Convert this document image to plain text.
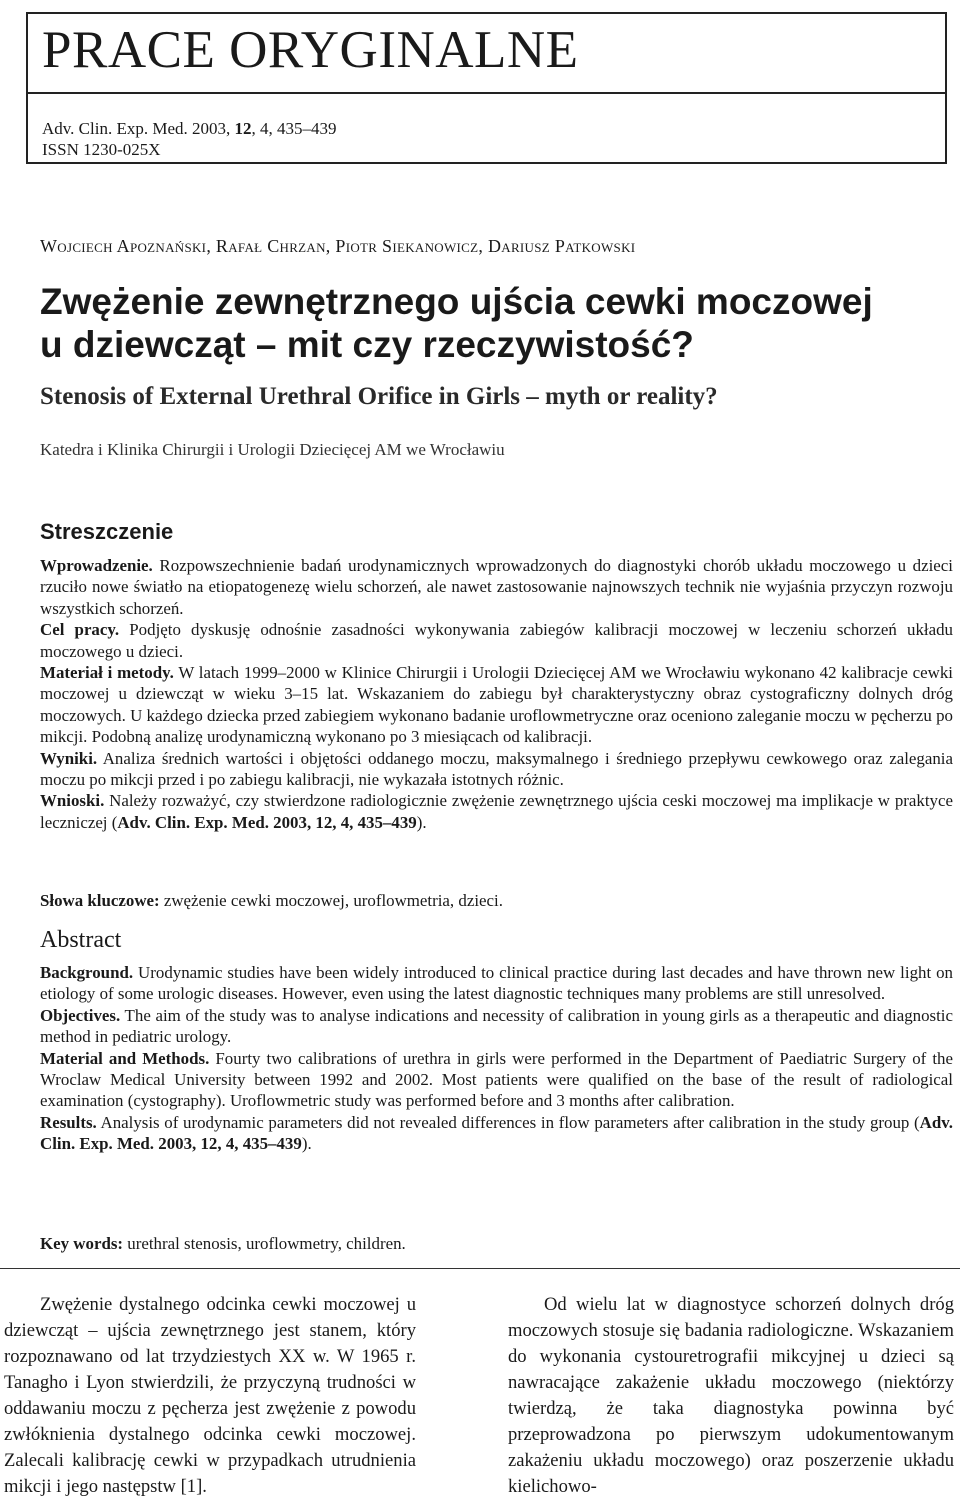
PRACE ORYGINALNE
Adv. Clin. Exp. Med. 2003, 12, 4, 435–439
ISSN 1230-025X
Wojciech Apoznański, Rafał Chrzan, Piotr Siekanowicz, Dariusz Patkowski
Zwężenie zewnętrznego ujścia cewki moczowej
u dziewcząt – mit czy rzeczywistość?
Stenosis of External Urethral Orifice in Girls – myth or reality?
Katedra i Klinika Chirurgii i Urologii Dziecięcej AM we Wrocławiu
Streszczenie

Wprowadzenie. Rozpowszechnienie badań urodynamicznych wprowadzonych do diagnostyki chorób układu moczowego u dzieci rzuciło nowe światło na etiopatogenezę wielu schorzeń, ale nawet zastosowanie najnowszych technik nie wyjaśnia przyczyn rozwoju wszystkich schorzeń.

Cel pracy. Podjęto dyskusję odnośnie zasadności wykonywania zabiegów kalibracji moczowej w leczeniu schorzeń układu moczowego u dzieci.

Materiał i metody. W latach 1999–2000 w Klinice Chirurgii i Urologii Dziecięcej AM we Wrocławiu wykonano 42 kalibracje cewki moczowej u dziewcząt w wieku 3–15 lat. Wskazaniem do zabiegu był charakterystyczny obraz cystograficzny dolnych dróg moczowych. U każdego dziecka przed zabiegiem wykonano badanie uroflowmetryczne oraz oceniono zaleganie moczu w pęcherzu po mikcji. Podobną analizę urodynamiczną wykonano po 3 miesiącach od kalibracji.

Wyniki. Analiza średnich wartości i objętości oddanego moczu, maksymalnego i średniego przepływu cewkowego oraz zalegania moczu po mikcji przed i po zabiegu kalibracji, nie wykazała istotnych różnic.

Wnioski. Należy rozważyć, czy stwierdzone radiologicznie zwężenie zewnętrznego ujścia ceski moczowej ma implikacje w praktyce leczniczej (Adv. Clin. Exp. Med. 2003, 12, 4, 435–439).

Słowa kluczowe: zwężenie cewki moczowej, uroflowmetria, dzieci.
Abstract

Background. Urodynamic studies have been widely introduced to clinical practice during last decades and have thrown new light on etiology of some urologic diseases. However, even using the latest diagnostic techniques many problems are still unresolved.

Objectives. The aim of the study was to analyse indications and necessity of calibration in young girls as a therapeutic and diagnostic method in pediatric urology.

Material and Methods. Fourty two calibrations of urethra in girls were performed in the Department of Paediatric Surgery of the Wroclaw Medical University between 1992 and 2002. Most patients were qualified on the base of the result of radiological examination (cystography). Uroflowmetric study was performed before and 3 months after calibration.

Results. Analysis of urodynamic parameters did not revealed differences in flow parameters after calibration in the study group (Adv. Clin. Exp. Med. 2003, 12, 4, 435–439).

Key words: urethral stenosis, uroflowmetry, children.

Zwężenie dystalnego odcinka cewki moczowej u dziewcząt – ujścia zewnętrznego jest stanem, który rozpoznawano od lat trzydziestych XX w. W 1965 r. Tanagho i Lyon stwierdzili, że przyczyną trudności w oddawaniu moczu z pęcherza jest zwężenie z powodu zwłóknienia dystalnego odcinka cewki moczowej. Zalecali kalibrację cewki w przypadkach utrudnienia mikcji i jego następstw [1].

Od wielu lat w diagnostyce schorzeń dolnych dróg moczowych stosuje się badania radiologiczne. Wskazaniem do wykonania cystouretrografii mikcyjnej u dzieci są nawracające zakażenie układu moczowego (niektórzy twierdzą, że taka diagnostyka powinna być przeprowadzona po pierwszym udokumentowanym zakażeniu układu moczowego) oraz poszerzenie układu kielichowo-
